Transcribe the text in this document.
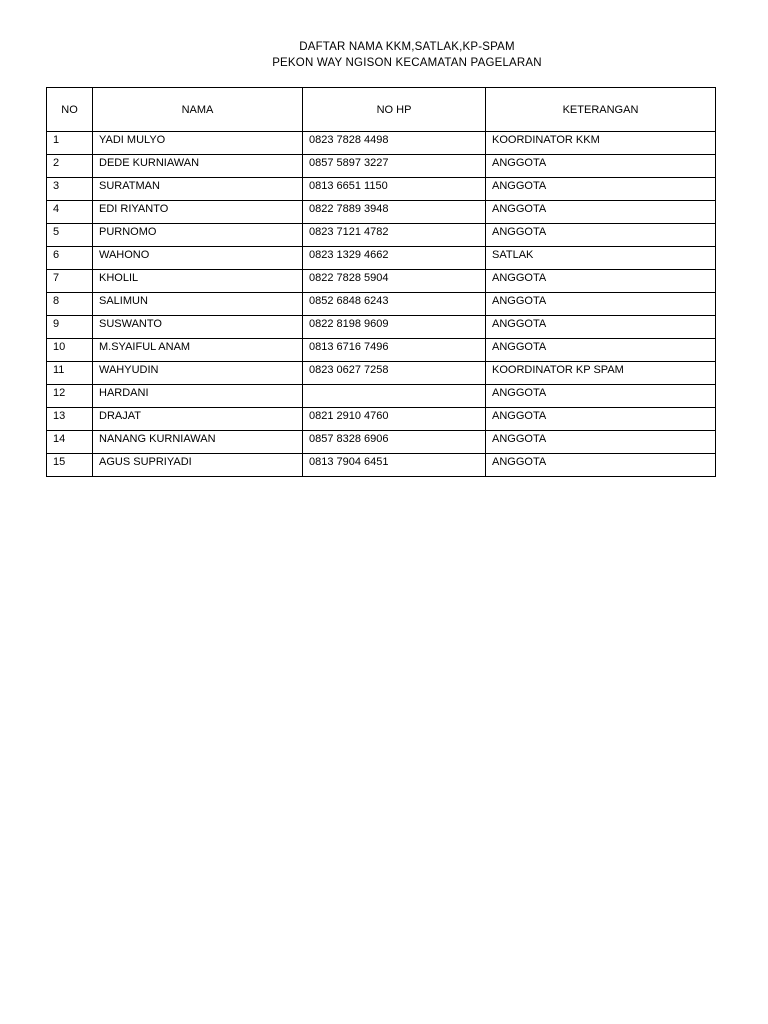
DAFTAR NAMA KKM,SATLAK,KP-SPAM
PEKON WAY NGISON KECAMATAN PAGELARAN
NO	NAMA	NO HP	KETERANGAN
1	YADI MULYO	0823 7828 4498	KOORDINATOR KKM
2	DEDE KURNIAWAN	0857 5897 3227	ANGGOTA
3	SURATMAN	0813 6651 1150	ANGGOTA
4	EDI RIYANTO	0822 7889 3948	ANGGOTA
5	PURNOMO	0823 7121 4782	ANGGOTA
6	WAHONO	0823 1329 4662	SATLAK
7	KHOLIL	0822 7828 5904	ANGGOTA
8	SALIMUN	0852 6848 6243	ANGGOTA
9	SUSWANTO	0822 8198 9609	ANGGOTA
10	M.SYAIFUL ANAM	0813 6716 7496	ANGGOTA
11	WAHYUDIN	0823 0627 7258	KOORDINATOR KP SPAM
12	HARDANI		ANGGOTA
13	DRAJAT	0821 2910 4760	ANGGOTA
14	NANANG KURNIAWAN	0857 8328 6906	ANGGOTA
15	AGUS SUPRIYADI	0813 7904 6451	ANGGOTA
